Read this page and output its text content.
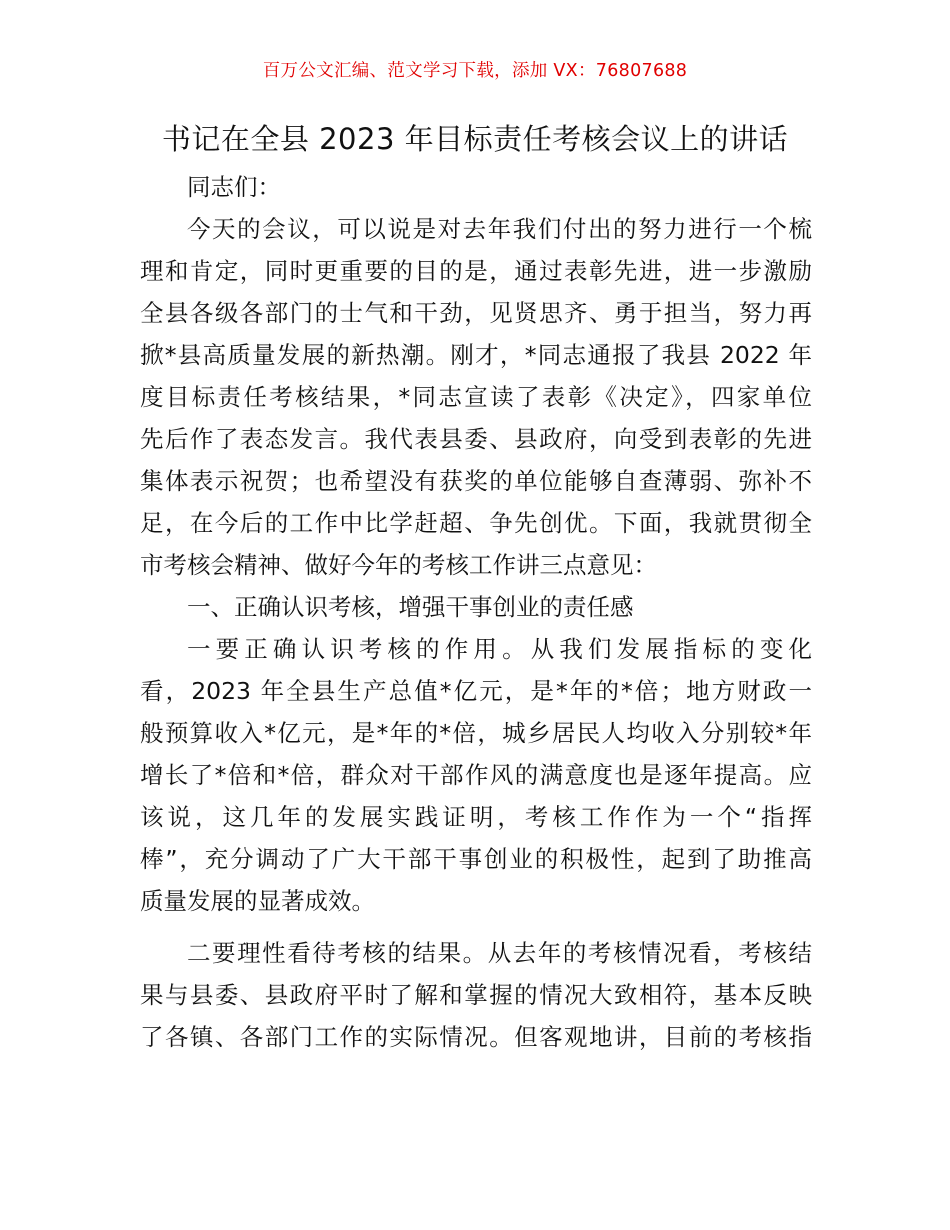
百万公文汇编、范文学习下载，添加 VX：76807688
书记在全县 2023 年目标责任考核会议上的讲话
同志们：
今天的会议，可以说是对去年我们付出的努力进行一个梳
理和肯定，同时更重要的目的是，通过表彰先进，进一步激励
全县各级各部门的士气和干劲，见贤思齐、勇于担当，努力再
掀*县高质量发展的新热潮。刚才，*同志通报了我县 2022 年
度目标责任考核结果，*同志宣读了表彰《决定》，四家单位
先后作了表态发言。我代表县委、县政府，向受到表彰的先进
集体表示祝贺；也希望没有获奖的单位能够自查薄弱、弥补不
足，在今后的工作中比学赶超、争先创优。下面，我就贯彻全
市考核会精神、做好今年的考核工作讲三点意见：
一、正确认识考核，增强干事创业的责任感
一要正确认识考核的作用。从我们发展指标的变化
看，2023 年全县生产总值*亿元，是*年的*倍；地方财政一
般预算收入*亿元，是*年的*倍，城乡居民人均收入分别较*年
增长了*倍和*倍，群众对干部作风的满意度也是逐年提高。应
该说，这几年的发展实践证明，考核工作作为一个“指挥
棒”，充分调动了广大干部干事创业的积极性，起到了助推高
质量发展的显著成效。
二要理性看待考核的结果。从去年的考核情况看，考核结
果与县委、县政府平时了解和掌握的情况大致相符，基本反映
了各镇、各部门工作的实际情况。但客观地讲，目前的考核指
